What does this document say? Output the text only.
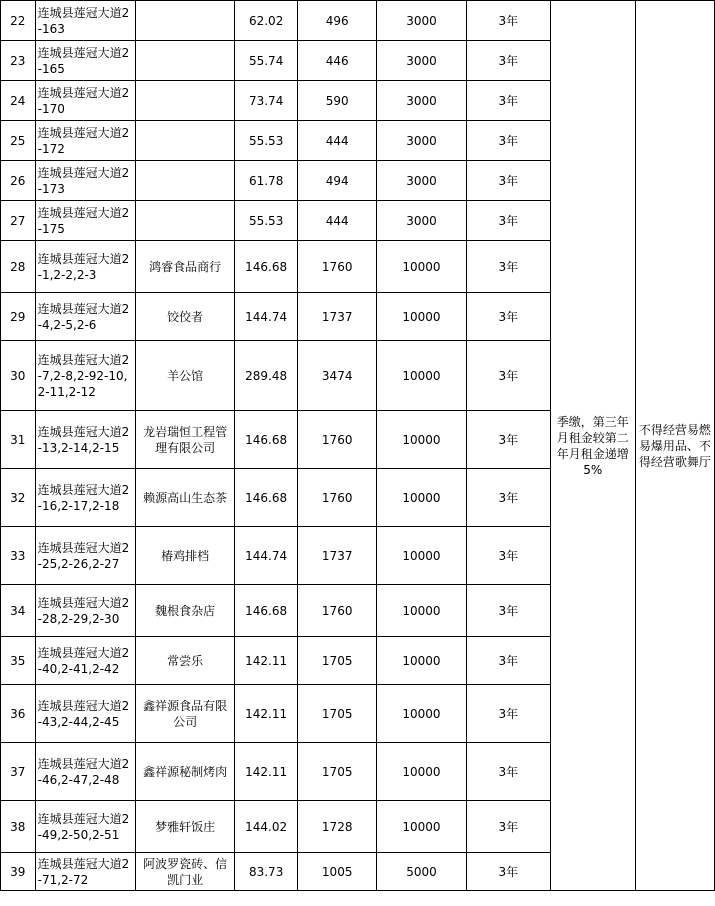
22	连城县莲冠大道2-163		62.02	496	3000	3年	季缴，第三年月租金较第二年月租金递增5%	不得经营易燃易爆用品、不得经营歌舞厅
23	连城县莲冠大道2-165		55.74	446	3000	3年		
24	连城县莲冠大道2-170		73.74	590	3000	3年		
25	连城县莲冠大道2-172		55.53	444	3000	3年		
26	连城县莲冠大道2-173		61.78	494	3000	3年		
27	连城县莲冠大道2-175		55.53	444	3000	3年		
28	连城县莲冠大道2-1,2-2,2-3	鸿睿食品商行	146.68	1760	10000	3年		
29	连城县莲冠大道2-4,2-5,2-6	饺佼者	144.74	1737	10000	3年		
30	连城县莲冠大道2-7,2-8,2-92-10,2-11,2-12	羊公馆	289.48	3474	10000	3年		
31	连城县莲冠大道2-13,2-14,2-15	龙岩瑞恒工程管理有限公司	146.68	1760	10000	3年		
32	连城县莲冠大道2-16,2-17,2-18	赖源高山生态茶	146.68	1760	10000	3年		
33	连城县莲冠大道2-25,2-26,2-27	椿鸡排档	144.74	1737	10000	3年		
34	连城县莲冠大道2-28,2-29,2-30	魏根食杂店	146.68	1760	10000	3年		
35	连城县莲冠大道2-40,2-41,2-42	常尝乐	142.11	1705	10000	3年		
36	连城县莲冠大道2-43,2-44,2-45	鑫祥源食品有限公司	142.11	1705	10000	3年		
37	连城县莲冠大道2-46,2-47,2-48	鑫祥源秘制烤肉	142.11	1705	10000	3年		
38	连城县莲冠大道2-49,2-50,2-51	梦雅轩饭庄	144.02	1728	10000	3年		
39	连城县莲冠大道2-71,2-72	阿波罗瓷砖、信凯门业	83.73	1005	5000	3年		
